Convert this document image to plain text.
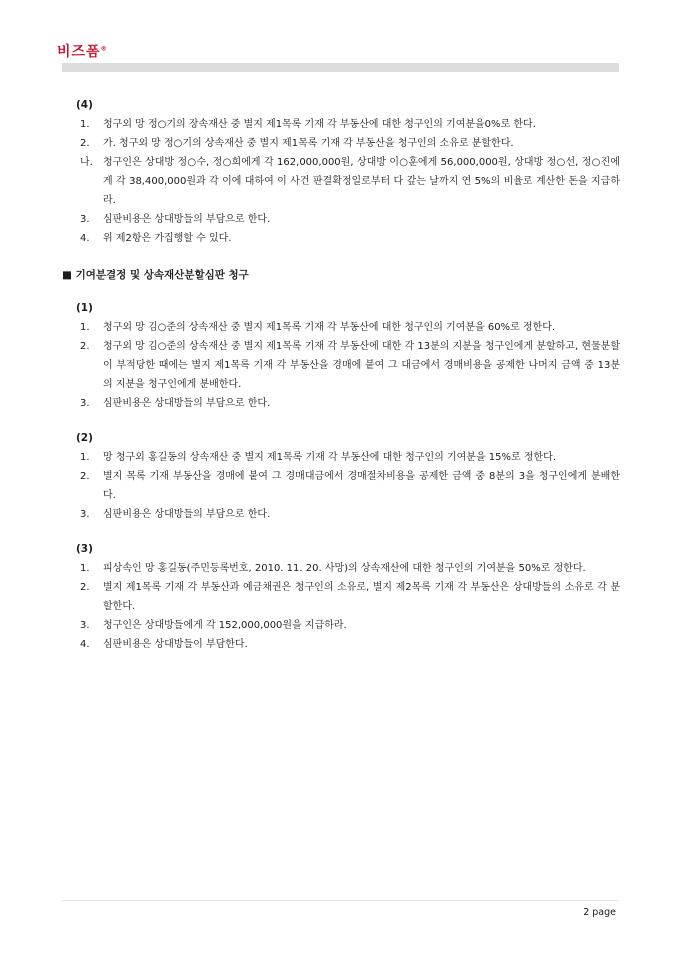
비즈폼®
(4)
1. 청구외 망 정○기의 장속재산 중 별지 제1목록 기재 각 부동산에 대한 청구인의 기여분을0%로 한다.
2. 가. 청구외 망 정○기의 상속재산 중 별지 제1목록 기재 각 부동산을 청구인의 소유로 분할한다.
나. 청구인은 상대방 정○수, 정○희에게 각 162,000,000원, 상대방 이○훈에게 56,000,000원, 상대방 정○선, 정○진에게 각 38,400,000원과 각 이에 대하여 이 사건 판결확정일로부터 다 갚는 날까지 연 5%의 비율로 계산한 돈을 지급하라.
3. 심판비용은 상대방들의 부담으로 한다.
4. 위 제2항은 가집행할 수 있다.
■ 기여분결정 및 상속재산분할심판 청구
(1)
1. 청구외 망 김○준의 상속재산 중 별지 제1목록 기재 각 부동산에 대한 청구인의 기여분을 60%로 정한다.
2. 청구외 망 김○준의 상속재산 중 별지 제1목록 기재 각 부동산에 대한 각 13분의 지분을 청구인에게 분할하고, 현물분할이 부적당한 때에는 별지 제1목록 기재 각 부동산을 경매에 붙여 그 대금에서 경매비용을 공제한 나머지 금액 중 13분의 지분을 청구인에게 분배한다.
3. 심판비용은 상대방들의 부담으로 한다.
(2)
1. 망 청구외 홍길동의 상속재산 중 별지 제1목록 기재 각 부동산에 대한 청구인의 기여분을 15%로 정한다.
2. 별지 목록 기재 부동산을 경매에 붙여 그 경매대금에서 경매절차비용을 공제한 금액 중 8분의 3을 청구인에게 분배한다.
3. 심판비용은 상대방들의 부담으로 한다.
(3)
1. 피상속인 망 홍길동(주민등록번호, 2010. 11. 20. 사망)의 상속재산에 대한 청구인의 기여분을 50%로 정한다.
2. 별지 제1목록 기재 각 부동산과 예금채권은 청구인의 소유로, 별지 제2목록 기재 각 부동산은 상대방들의 소유로 각 분할한다.
3. 청구인은 상대방들에게 각 152,000,000원을 지급하라.
4. 심판비용은 상대방들이 부담한다.
2 page
